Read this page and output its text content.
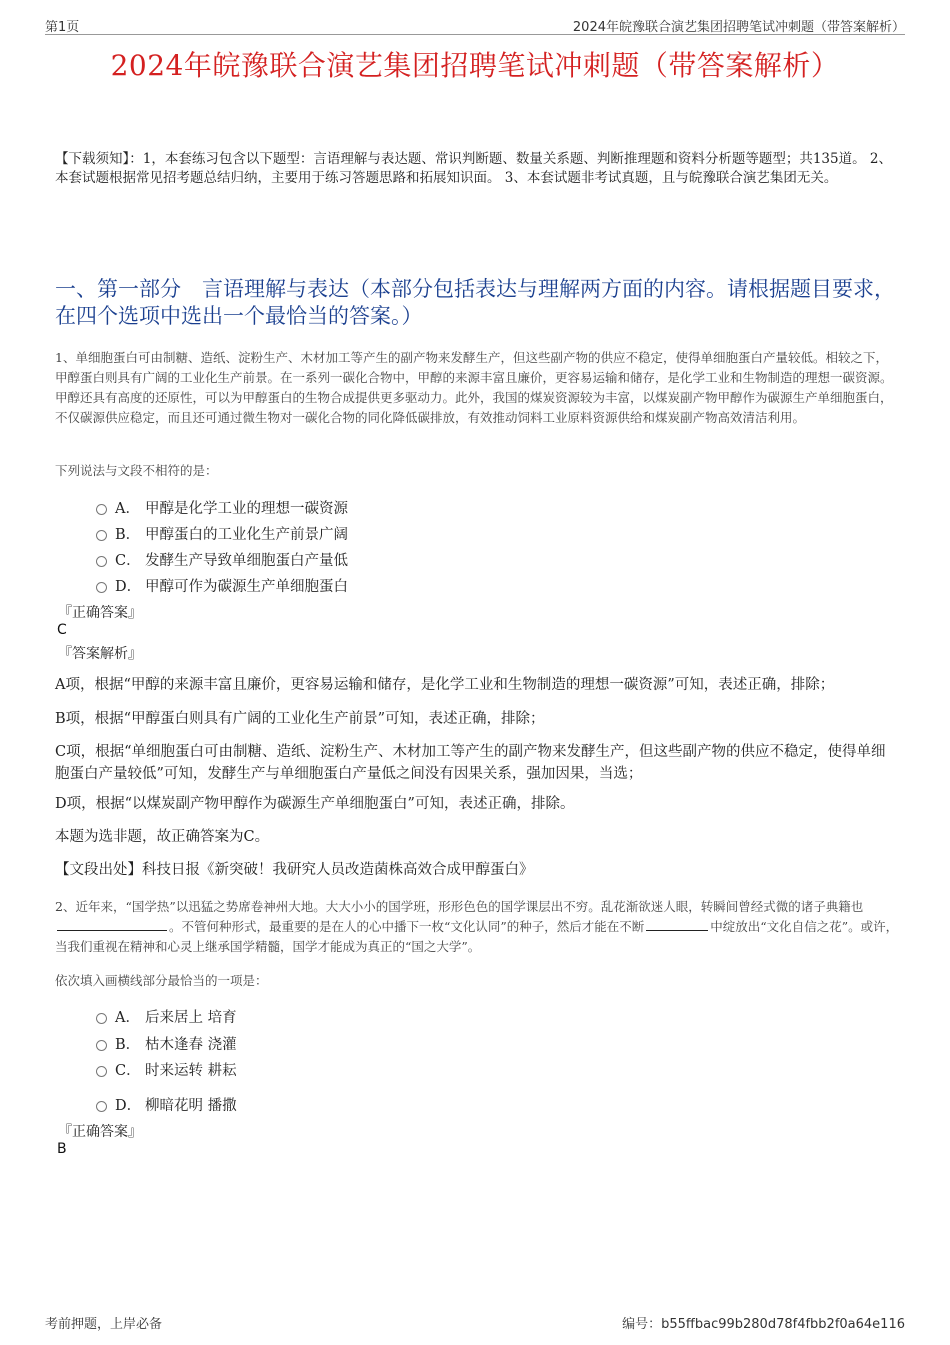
第1页	2024年皖豫联合演艺集团招聘笔试冲刺题（带答案解析）
2024年皖豫联合演艺集团招聘笔试冲刺题（带答案解析）
【下载须知】：1，本套练习包含以下题型：言语理解与表达题、常识判断题、数量关系题、判断推理题和资料分析题等题型；共135道。 2、本套试题根据常见招考题总结归纳，主要用于练习答题思路和拓展知识面。 3、本套试题非考试真题，且与皖豫联合演艺集团无关。
一、第一部分　言语理解与表达（本部分包括表达与理解两方面的内容。请根据题目要求，在四个选项中选出一个最恰当的答案。）
1、单细胞蛋白可由制糖、造纸、淀粉生产、木材加工等产生的副产物来发酵生产，但这些副产物的供应不稳定，使得单细胞蛋白产量较低。相较之下，甲醇蛋白则具有广阔的工业化生产前景。在一系列一碳化合物中，甲醇的来源丰富且廉价，更容易运输和储存，是化学工业和生物制造的理想一碳资源。甲醇还具有高度的还原性，可以为甲醇蛋白的生物合成提供更多驱动力。此外，我国的煤炭资源较为丰富，以煤炭副产物甲醇作为碳源生产单细胞蛋白，不仅碳源供应稳定，而且还可通过微生物对一碳化合物的同化降低碳排放，有效推动饲料工业原料资源供给和煤炭副产物高效清洁利用。
下列说法与文段不相符的是：
A． 甲醇是化学工业的理想一碳资源
B． 甲醇蛋白的工业化生产前景广阔
C． 发酵生产导致单细胞蛋白产量低
D． 甲醇可作为碳源生产单细胞蛋白
『正确答案』
C
『答案解析』
A项，根据“甲醇的来源丰富且廉价，更容易运输和储存，是化学工业和生物制造的理想一碳资源”可知，表述正确，排除；
B项，根据“甲醇蛋白则具有广阔的工业化生产前景”可知，表述正确，排除；
C项，根据“单细胞蛋白可由制糖、造纸、淀粉生产、木材加工等产生的副产物来发酵生产，但这些副产物的供应不稳定，使得单细胞蛋白产量较低”可知，发酵生产与单细胞蛋白产量低之间没有因果关系，强加因果，当选；
D项，根据“以煤炭副产物甲醇作为碳源生产单细胞蛋白”可知，表述正确，排除。
本题为选非题，故正确答案为C。
【文段出处】科技日报《新突破！我研究人员改造菌株高效合成甲醇蛋白》
2、近年来，“国学热”以迅猛之势席卷神州大地。大大小小的国学班，形形色色的国学课层出不穷。乱花渐欲迷人眼，转瞬间曾经式微的诸子典籍也。不管何种形式，最重要的是在人的心中播下一枚“文化认同”的种子，然后才能在不断	中绽放出“文化自信之花”。或许，当我们重视在精神和心灵上继承国学精髓，国学才能成为真正的“国之大学”。
依次填入画横线部分最恰当的一项是：
A． 后来居上 培育
B． 枯木逢春 浇灌
C． 时来运转 耕耘
D． 柳暗花明 播撒
『正确答案』
B
考前押题，上岸必备	编号：b55ffbac99b280d78f4fbb2f0a64e116
